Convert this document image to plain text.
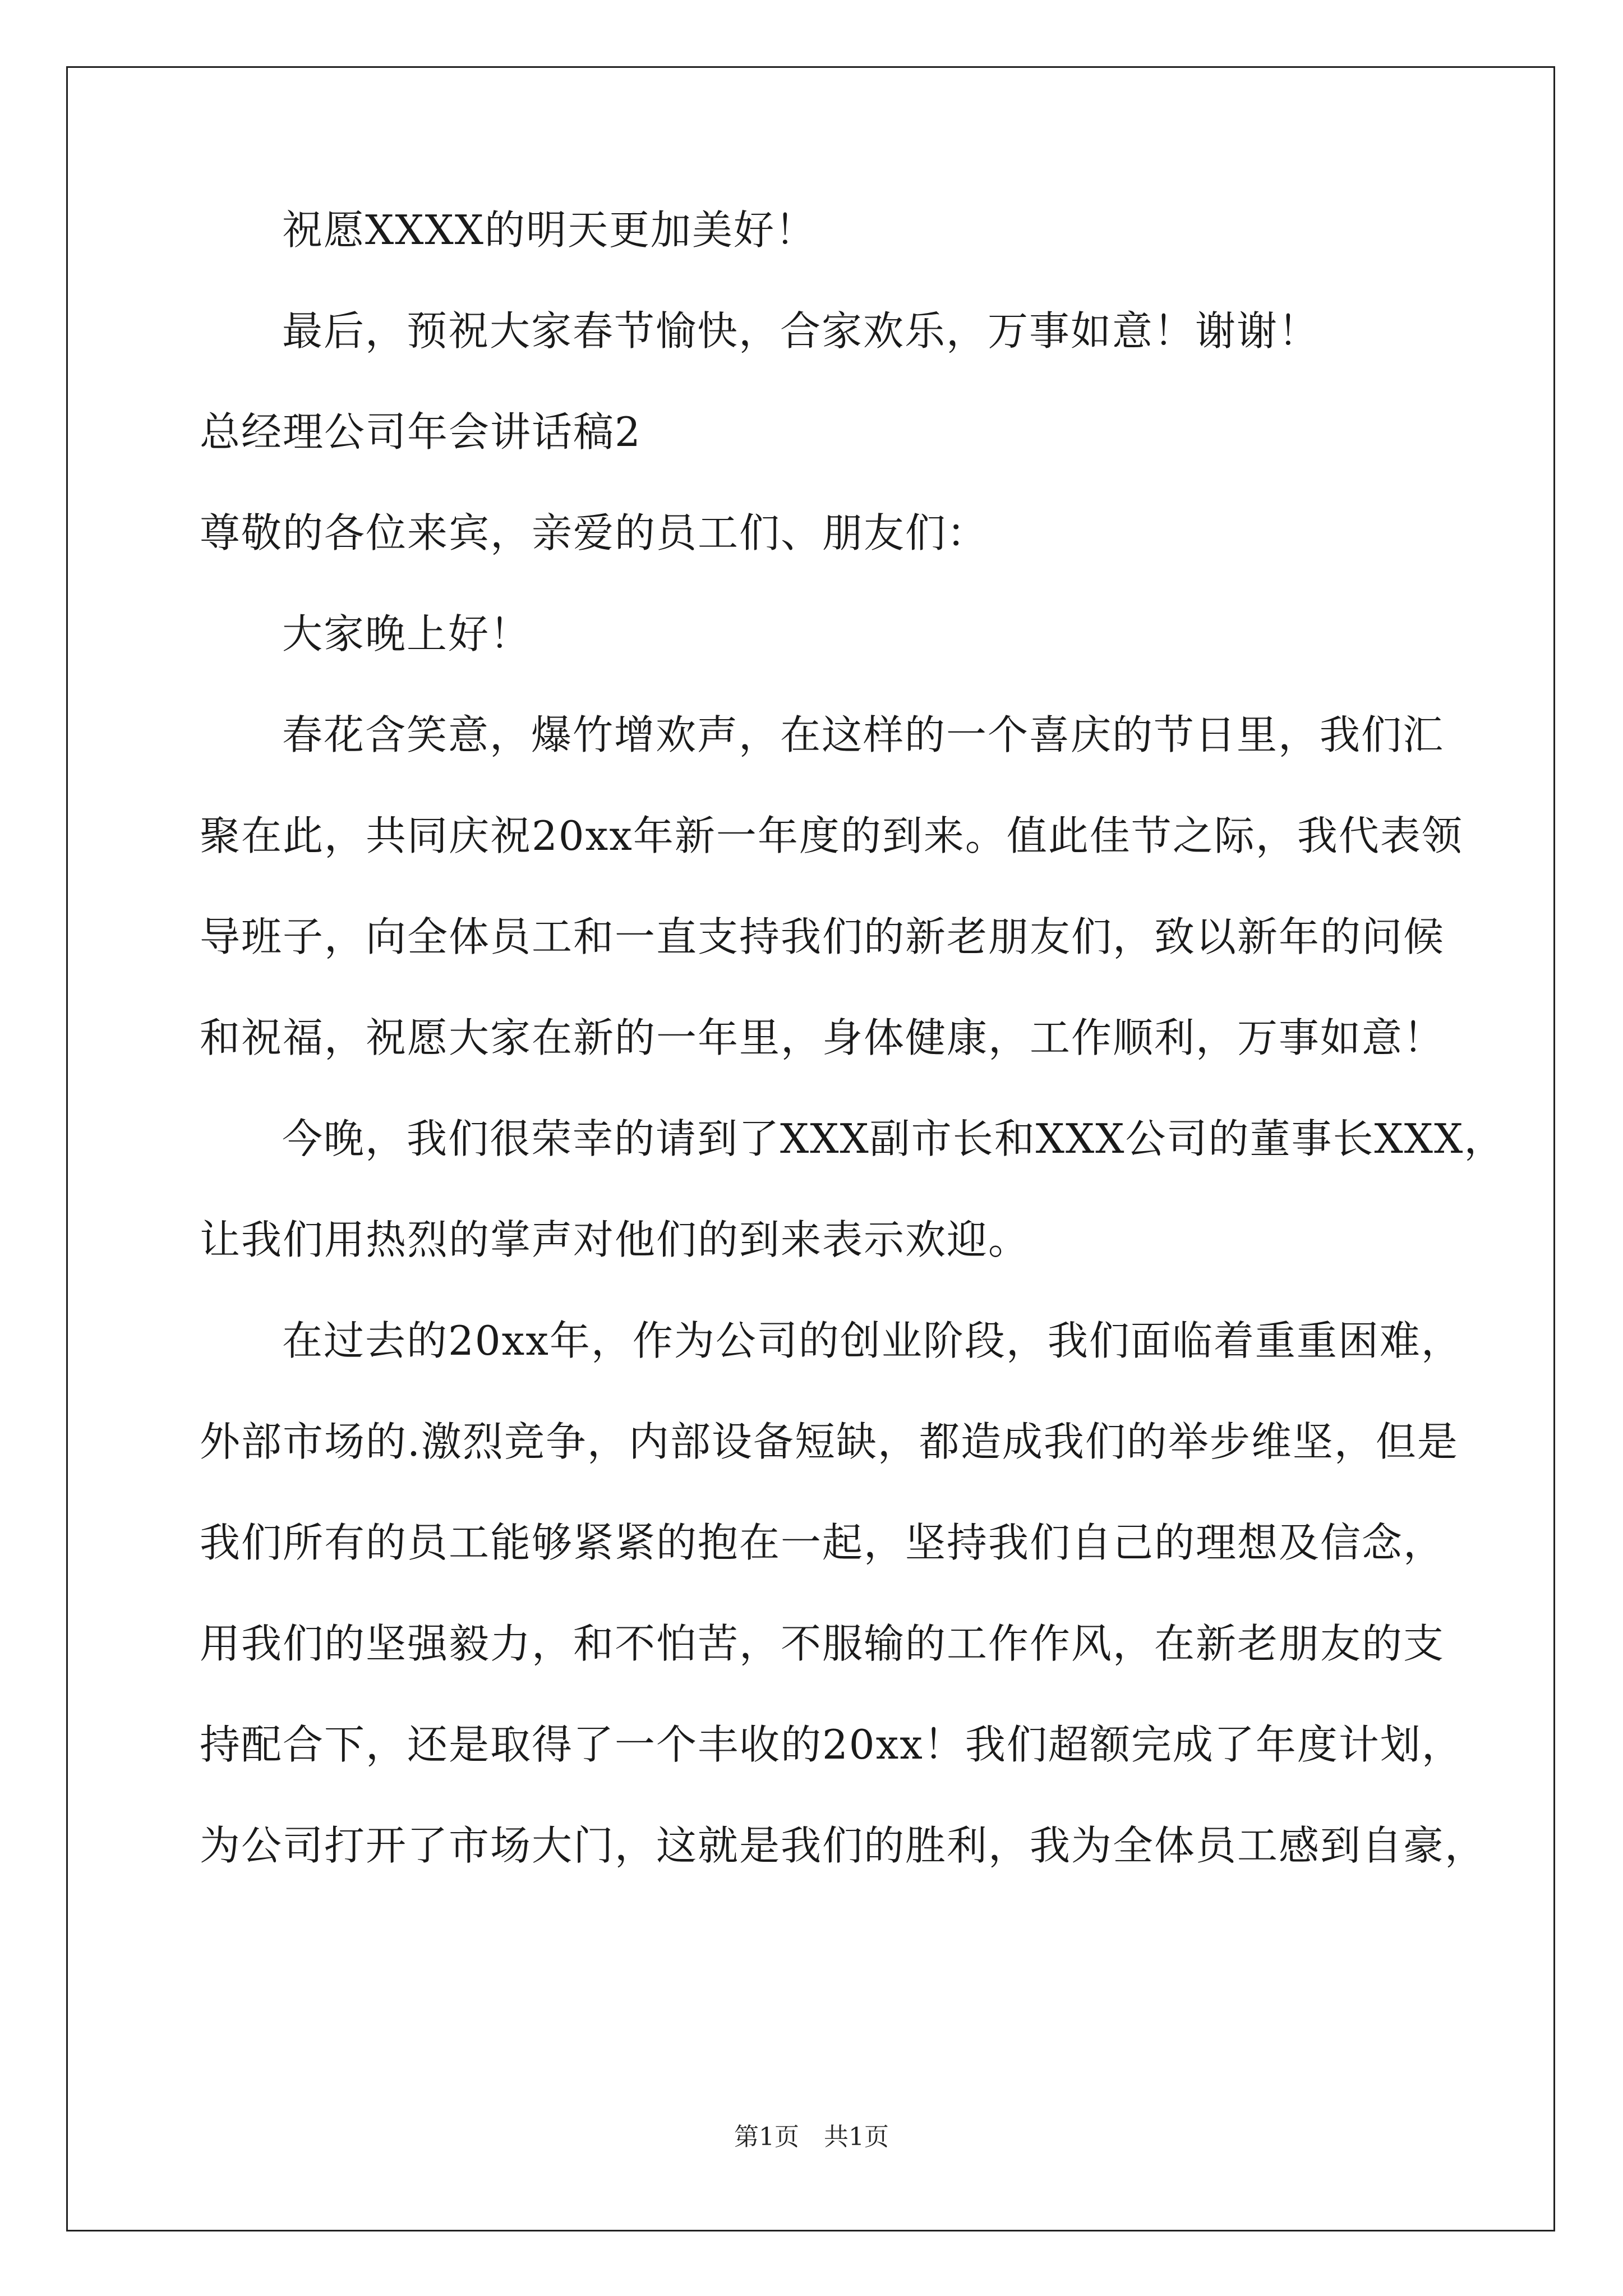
祝愿XXXX的明天更加美好！
最后，预祝大家春节愉快，合家欢乐，万事如意！谢谢！
总经理公司年会讲话稿2
尊敬的各位来宾，亲爱的员工们、朋友们：
大家晚上好！
春花含笑意，爆竹增欢声，在这样的一个喜庆的节日里，我们汇
聚在此，共同庆祝20xx年新一年度的到来。值此佳节之际，我代表领
导班子，向全体员工和一直支持我们的新老朋友们，致以新年的问候
和祝福，祝愿大家在新的一年里，身体健康，工作顺利，万事如意！
今晚，我们很荣幸的请到了XXX副市长和XXX公司的董事长XXX，
让我们用热烈的掌声对他们的到来表示欢迎。
在过去的20xx年，作为公司的创业阶段，我们面临着重重困难，
外部市场的.激烈竞争，内部设备短缺，都造成我们的举步维坚，但是
我们所有的员工能够紧紧的抱在一起，坚持我们自己的理想及信念，
用我们的坚强毅力，和不怕苦，不服输的工作作风，在新老朋友的支
持配合下，还是取得了一个丰收的20xx！我们超额完成了年度计划，
为公司打开了市场大门，这就是我们的胜利，我为全体员工感到自豪，
第1页　共1页
